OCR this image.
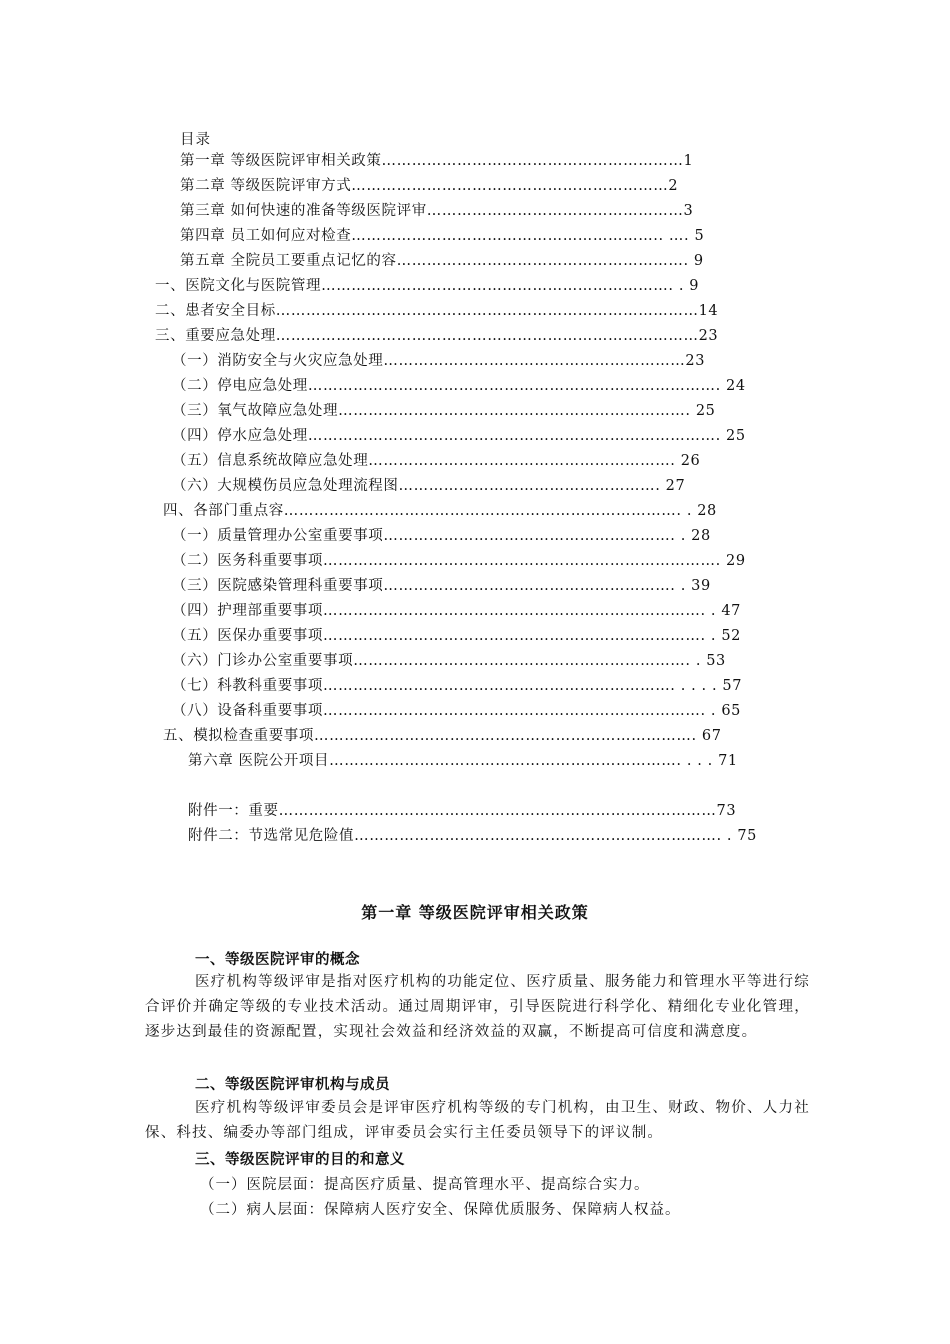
目录
第一章 等级医院评审相关政策……………………………………………………1
第二章 等级医院评审方式………………………………………………………2
第三章 如何快速的准备等级医院评审……………………………………………3
第四章 员工如何应对检查…………………………………………………….. …. 5
第五章 全院员工要重点记忆的容…………………………………………………. 9
一、医院文化与医院管理……………………………………………………………. . 9
二、患者安全目标…………………………………………………………………………14
三、重要应急处理…………………………………………………………………………23
（一）消防安全与火灾应急处理……………………………………………………23
（二）停电应急处理………………………………………………………………………. 24
（三）氧气故障应急处理……………………………………………………………. 25
（四）停水应急处理………………………………………………………………………. 25
（五）信息系统故障应急处理……………………………………………………. 26
（六）大规模伤员应急处理流程图……………………………………………. 27
四、各部门重点容……………………………………………………………………. . 28
（一）质量管理办公室重要事项…………………………………………………. . 28
（二）医务科重要事项……………………………………………………………………. 29
（三）医院感染管理科重要事项…………………………………………………. . 39
（四）护理部重要事项…………………………………………………………………. . 47
（五）医保办重要事项…………………………………………………………………. . 52
（六）门诊办公室重要事项…………………………………………………………. . 53
（七）科教科重要事项……………………………………………………………. . . . . 57
（八）设备科重要事项…………………………………………………………………. . 65
五、模拟检查重要事项…………………………………………………………………. 67
第六章 医院公开项目……………………………………………………………. . . . 71
附件一：重要……………………………………………………………………………73
附件二：节选常见危险值………………………………………………………………. . 75
第一章 等级医院评审相关政策
一、等级医院评审的概念
医疗机构等级评审是指对医疗机构的功能定位、医疗质量、服务能力和管理水平等进行综合评价并确定等级的专业技术活动。通过周期评审，引导医院进行科学化、精细化专业化管理，逐步达到最佳的资源配置，实现社会效益和经济效益的双赢，不断提高可信度和满意度。
二、等级医院评审机构与成员
医疗机构等级评审委员会是评审医疗机构等级的专门机构，由卫生、财政、物价、人力社保、科技、编委办等部门组成，评审委员会实行主任委员领导下的评议制。
三、等级医院评审的目的和意义
（一）医院层面：提高医疗质量、提高管理水平、提高综合实力。
（二）病人层面：保障病人医疗安全、保障优质服务、保障病人权益。
